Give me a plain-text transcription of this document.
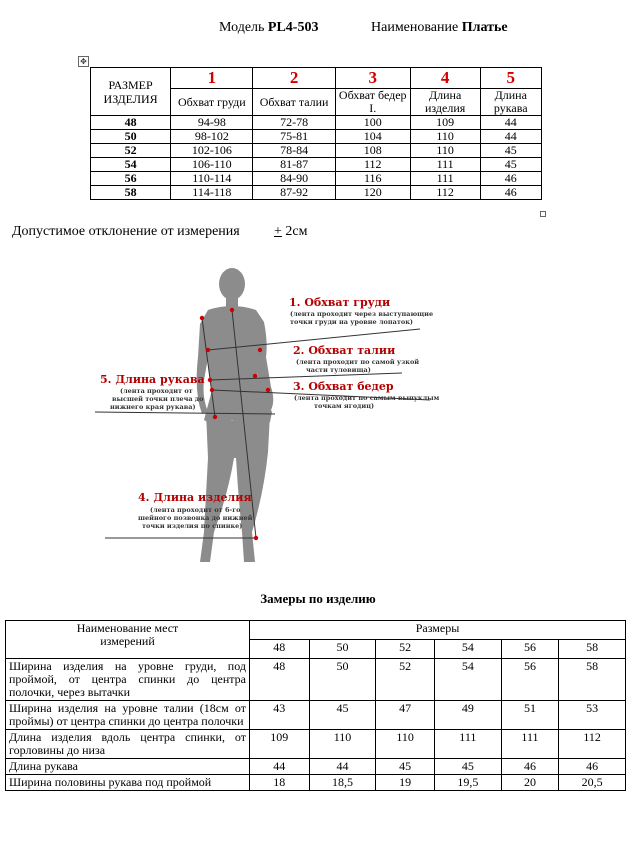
Модель PL4-503	Наименование Платье
✥
РАЗМЕР ИЗДЕЛИЯ	1	2	3	4	5
	Обхват груди	Обхват талии	Обхват бедер I.	Длина изделия	Длина рукава
48	94-98	72-78	100	109	44
50	98-102	75-81	104	110	44
52	102-106	78-84	108	110	45
54	106-110	81-87	112	111	45
56	110-114	84-90	116	111	46
58	114-118	87-92	120	112	46
Допустимое отклонение от измерения + 2см
1. Обхват груди
(лента проходит через выступающие
точки груди на уровне лопаток)
2. Обхват талии
(лента проходит по самой узкой
части туловища)
3. Обхват бедер
(лента проходит по самым выпуклым
точкам ягодиц)
5. Длина рукава
(лента проходит от
высшей точки плеча до
нижнего края рукава)
4. Длина изделия
(лента проходит от 6-го
шейного позвонка до нижней
точки изделия по спинке)
Замеры по изделию
Наименование мест измерений	Размеры					
	48	50	52	54	56	58
Ширина изделия на уровне груди, под проймой, от центра спинки до центра полочки, через вытачки	48	50	52	54	56	58
Ширина изделия на уровне талии (18см от проймы) от центра спинки до центра полочки	43	45	47	49	51	53
Длина изделия вдоль центра спинки, от горловины до низа	109	110	110	111	111	112
Длина рукава	44	44	45	45	46	46
Ширина половины рукава под проймой	18	18,5	19	19,5	20	20,5
